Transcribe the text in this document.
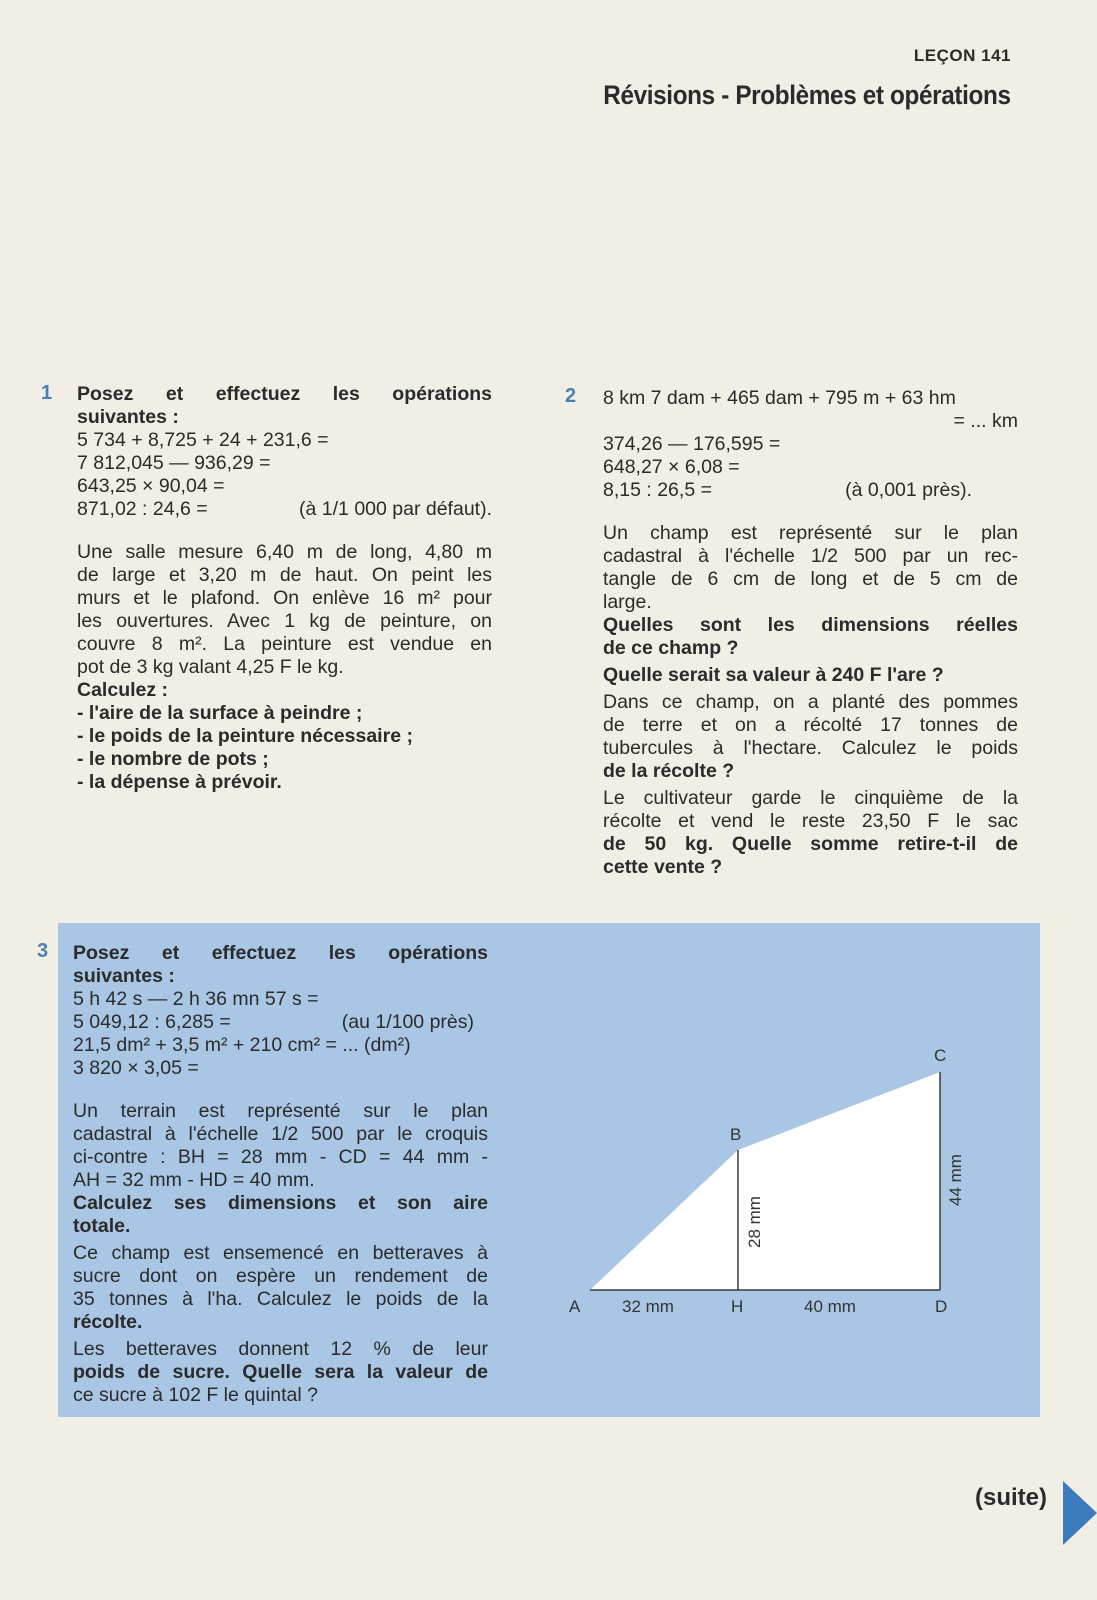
LEÇON 141
Révisions - Problèmes et opérations
1 Posez et effectuez les opérations

suivantes :

5 734 + 8,725 + 24 + 231,6 =

7 812,045 — 936,29 =

643,25 × 90,04 =

871,02 : 24,6 =	(à 1/1 000 par défaut).

Une salle mesure 6,40 m de long, 4,80 m

de large et 3,20 m de haut. On peint les

murs et le plafond. On enlève 16 m² pour

les ouvertures. Avec 1 kg de peinture, on

couvre 8 m². La peinture est vendue en

pot de 3 kg valant 4,25 F le kg.

Calculez :

- l'aire de la surface à peindre ;

- le poids de la peinture nécessaire ;

- le nombre de pots ;

- la dépense à prévoir.

2 8 km 7 dam + 465 dam + 795 m + 63 hm

= ... km

374,26 — 176,595 =

648,27 × 6,08 =

8,15 : 26,5 =	(à 0,001 près).

Un champ est représenté sur le plan

cadastral à l'échelle 1/2 500 par un rec-

tangle de 6 cm de long et de 5 cm de

large.

Quelles sont les dimensions réelles

de ce champ ?

Quelle serait sa valeur à 240 F l'are ?

Dans ce champ, on a planté des pommes

de terre et on a récolté 17 tonnes de

tubercules à l'hectare. Calculez le poids

de la récolte ?

Le cultivateur garde le cinquième de la

récolte et vend le reste 23,50 F le sac

de 50 kg. Quelle somme retire-t-il de

cette vente ?

3 Posez et effectuez les opérations

suivantes :

5 h 42 s — 2 h 36 mn 57 s =

5 049,12 : 6,285 =	(au 1/100 près)

21,5 dm² + 3,5 m² + 210 cm² = ... (dm²)

3 820 × 3,05 =

Un terrain est représenté sur le plan

cadastral à l'échelle 1/2 500 par le croquis

ci-contre : BH = 28 mm - CD = 44 mm -

AH = 32 mm - HD = 40 mm.

Calculez ses dimensions et son aire

totale.

Ce champ est ensemencé en betteraves à

sucre dont on espère un rendement de

35 tonnes à l'ha. Calculez le poids de la

récolte.

Les betteraves donnent 12 % de leur

poids de sucre. Quelle sera la valeur de

ce sucre à 102 F le quintal ?

A
B
C
D
H
32 mm	40 mm
28 mm
44 mm
(suite)
